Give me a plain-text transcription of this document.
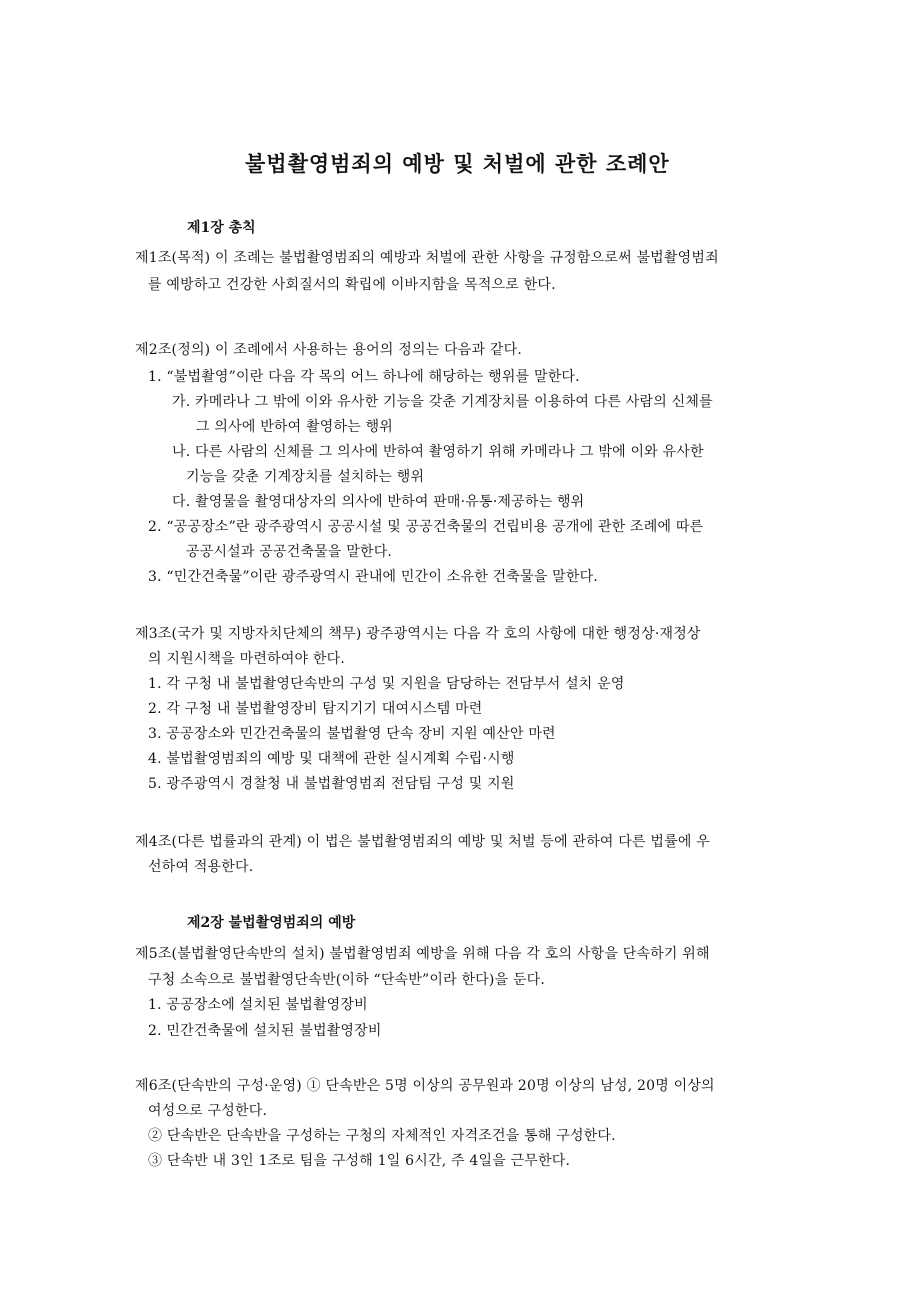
불법촬영범죄의 예방 및 처벌에 관한 조례안
제1장 총칙
제1조(목적) 이 조례는 불법촬영범죄의 예방과 처벌에 관한 사항을 규정함으로써 불법촬영범죄
를 예방하고 건강한 사회질서의 확립에 이바지함을 목적으로 한다.
제2조(정의) 이 조례에서 사용하는 용어의 정의는 다음과 같다.
1. “불법촬영”이란 다음 각 목의 어느 하나에 해당하는 행위를 말한다.
가. 카메라나 그 밖에 이와 유사한 기능을 갖춘 기계장치를 이용하여 다른 사람의 신체를
그 의사에 반하여 촬영하는 행위
나. 다른 사람의 신체를 그 의사에 반하여 촬영하기 위해 카메라나 그 밖에 이와 유사한
기능을 갖춘 기계장치를 설치하는 행위
다. 촬영물을 촬영대상자의 의사에 반하여 판매·유통·제공하는 행위
2. “공공장소”란 광주광역시 공공시설 및 공공건축물의 건립비용 공개에 관한 조례에 따른
공공시설과 공공건축물을 말한다.
3. “민간건축물”이란 광주광역시 관내에 민간이 소유한 건축물을 말한다.
제3조(국가 및 지방자치단체의 책무) 광주광역시는 다음 각 호의 사항에 대한 행정상·재정상
의 지원시책을 마련하여야 한다.
1. 각 구청 내 불법촬영단속반의 구성 및 지원을 담당하는 전담부서 설치 운영
2. 각 구청 내 불법촬영장비 탐지기기 대여시스템 마련
3. 공공장소와 민간건축물의 불법촬영 단속 장비 지원 예산안 마련
4. 불법촬영범죄의 예방 및 대책에 관한 실시계획 수립·시행
5. 광주광역시 경찰청 내 불법촬영범죄 전담팀 구성 및 지원
제4조(다른 법률과의 관계) 이 법은 불법촬영범죄의 예방 및 처벌 등에 관하여 다른 법률에 우
선하여 적용한다.
제2장 불법촬영범죄의 예방
제5조(불법촬영단속반의 설치) 불법촬영범죄 예방을 위해 다음 각 호의 사항을 단속하기 위해
구청 소속으로 불법촬영단속반(이하 “단속반”이라 한다)을 둔다.
1. 공공장소에 설치된 불법촬영장비
2. 민간건축물에 설치된 불법촬영장비
제6조(단속반의 구성·운영) ① 단속반은 5명 이상의 공무원과 20명 이상의 남성, 20명 이상의
여성으로 구성한다.
② 단속반은 단속반을 구성하는 구청의 자체적인 자격조건을 통해 구성한다.
③ 단속반 내 3인 1조로 팀을 구성해 1일 6시간, 주 4일을 근무한다.
